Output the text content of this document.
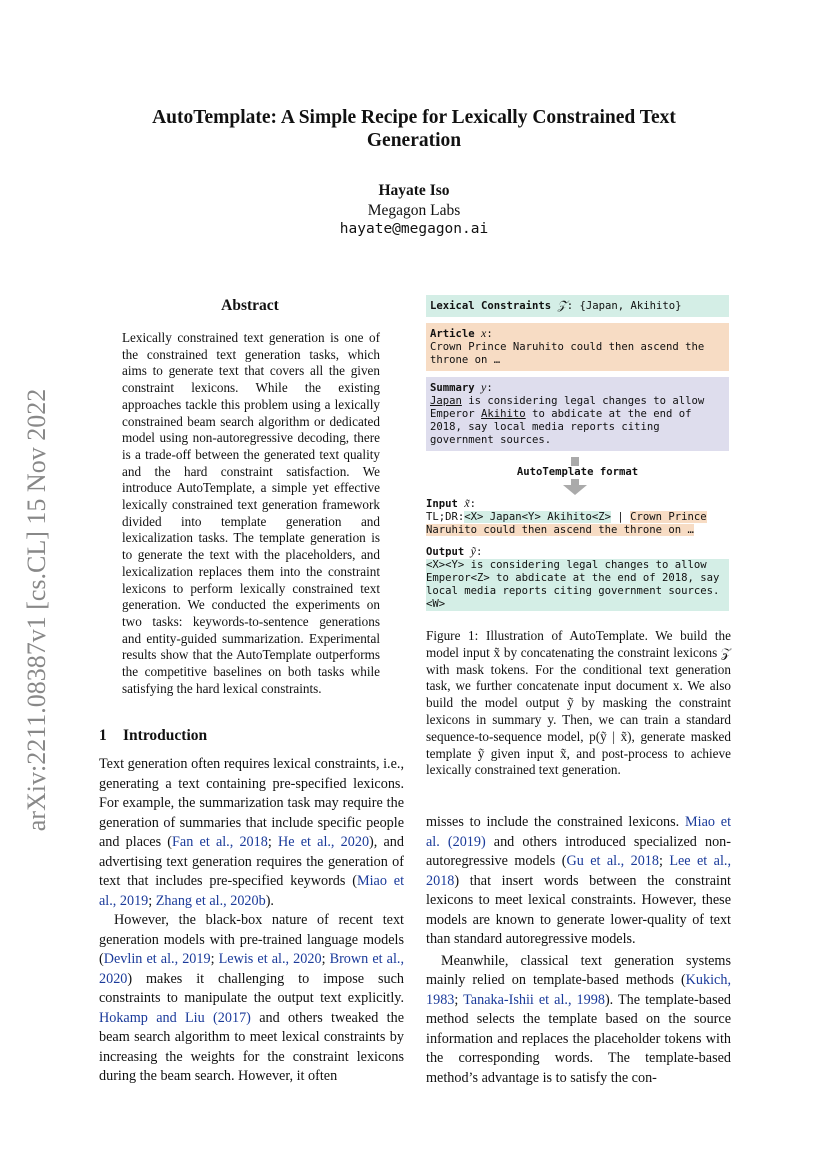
AutoTemplate: A Simple Recipe for Lexically Constrained Text Generation
Hayate Iso
Megagon Labs
hayate@megagon.ai
arXiv:2211.08387v1 [cs.CL] 15 Nov 2022
Abstract
Lexically constrained text generation is one of the constrained text generation tasks, which aims to generate text that covers all the given constraint lexicons. While the existing approaches tackle this problem using a lexically constrained beam search algorithm or dedicated model using non-autoregressive decoding, there is a trade-off between the generated text quality and the hard constraint satisfaction. We introduce AutoTemplate, a simple yet effective lexically constrained text generation framework divided into template generation and lexicalization tasks. The template generation is to generate the text with the placeholders, and lexicalization replaces them into the constraint lexicons to perform lexically constrained text generation. We conducted the experiments on two tasks: keywords-to-sentence generations and entity-guided summarization. Experimental results show that the AutoTemplate outperforms the competitive baselines on both tasks while satisfying the hard lexical constraints.
1 Introduction

Text generation often requires lexical constraints, i.e., generating a text containing pre-specified lexicons. For example, the summarization task may require the generation of summaries that include specific people and places (Fan et al., 2018; He et al., 2020), and advertising text generation requires the generation of text that includes pre-specified keywords (Miao et al., 2019; Zhang et al., 2020b).

However, the black-box nature of recent text generation models with pre-trained language models (Devlin et al., 2019; Lewis et al., 2020; Brown et al., 2020) makes it challenging to impose such constraints to manipulate the output text explicitly. Hokamp and Liu (2017) and others tweaked the beam search algorithm to meet lexical constraints by increasing the weights for the constraint lexicons during the beam search. However, it often

Lexical Constraints 𝒵: {Japan, Akihito}
Article x:
Crown Prince Naruhito could then ascend the throne on …
Summary y:
Japan is considering legal changes to allow Emperor Akihito to abdicate at the end of 2018, say local media reports citing government sources.
AutoTemplate format
Input x̃:
TL;DR:<X> Japan<Y> Akihito<Z> | Crown Prince Naruhito could then ascend the throne on …
Output ỹ:
<X><Y> is considering legal changes to allow Emperor<Z> to abdicate at the end of 2018, say local media reports citing government sources.<W>
Figure 1: Illustration of AutoTemplate. We build the model input x̃ by concatenating the constraint lexicons 𝒵 with mask tokens. For the conditional text generation task, we further concatenate input document x. We also build the model output ỹ by masking the constraint lexicons in summary y. Then, we can train a standard sequence-to-sequence model, p(ỹ | x̃), generate masked template ỹ given input x̃, and post-process to achieve lexically constrained text generation.

misses to include the constrained lexicons. Miao et al. (2019) and others introduced specialized non-autoregressive models (Gu et al., 2018; Lee et al., 2018) that insert words between the constraint lexicons to meet lexical constraints. However, these models are known to generate lower-quality of text than standard autoregressive models.

Meanwhile, classical text generation systems mainly relied on template-based methods (Kukich, 1983; Tanaka-Ishii et al., 1998). The template-based method selects the template based on the source information and replaces the placeholder tokens with the corresponding words. The template-based method’s advantage is to satisfy the con-
